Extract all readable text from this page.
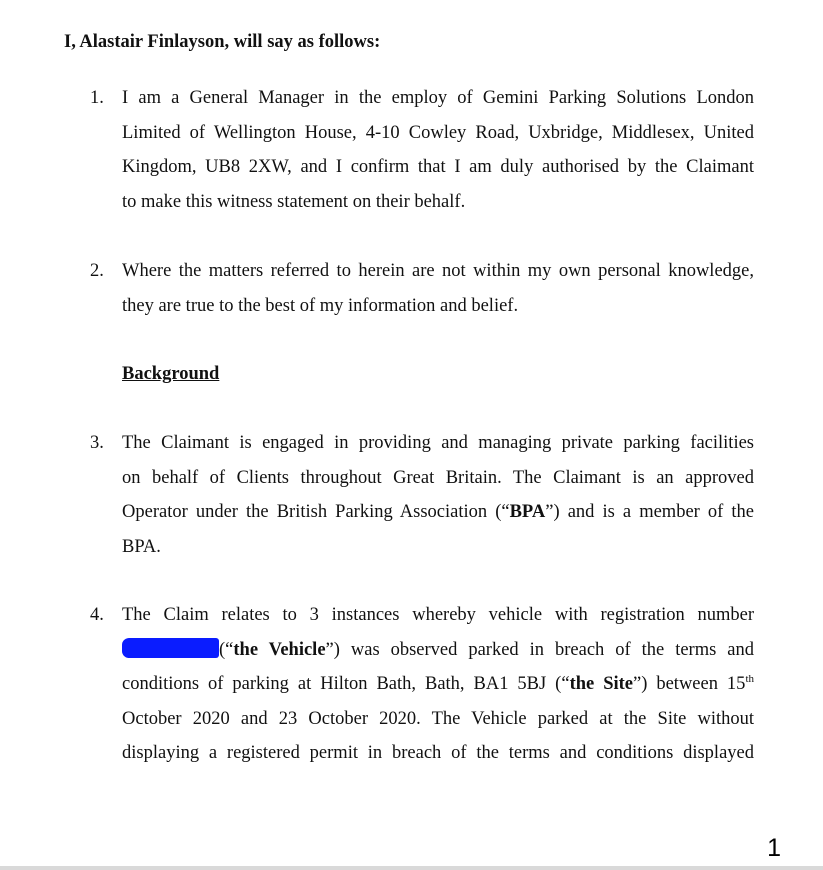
I, Alastair Finlayson, will say as follows:
1. I am a General Manager in the employ of Gemini Parking Solutions London
Limited of Wellington House, 4-10 Cowley Road, Uxbridge, Middlesex, United
Kingdom, UB8 2XW, and I confirm that I am duly authorised by the Claimant
to make this witness statement on their behalf.
2. Where the matters referred to herein are not within my own personal knowledge,
they are true to the best of my information and belief.
Background
3. The Claimant is engaged in providing and managing private parking facilities
on behalf of Clients throughout Great Britain. The Claimant is an approved
Operator under the British Parking Association (“BPA”) and is a member of the
BPA.
4. The Claim relates to 3 instances whereby vehicle with registration number
(“the Vehicle”) was observed parked in breach of the terms and
conditions of parking at Hilton Bath, Bath, BA1 5BJ (“the Site”) between 15th
October 2020 and 23 October 2020. The Vehicle parked at the Site without
displaying a registered permit in breach of the terms and conditions displayed
1
